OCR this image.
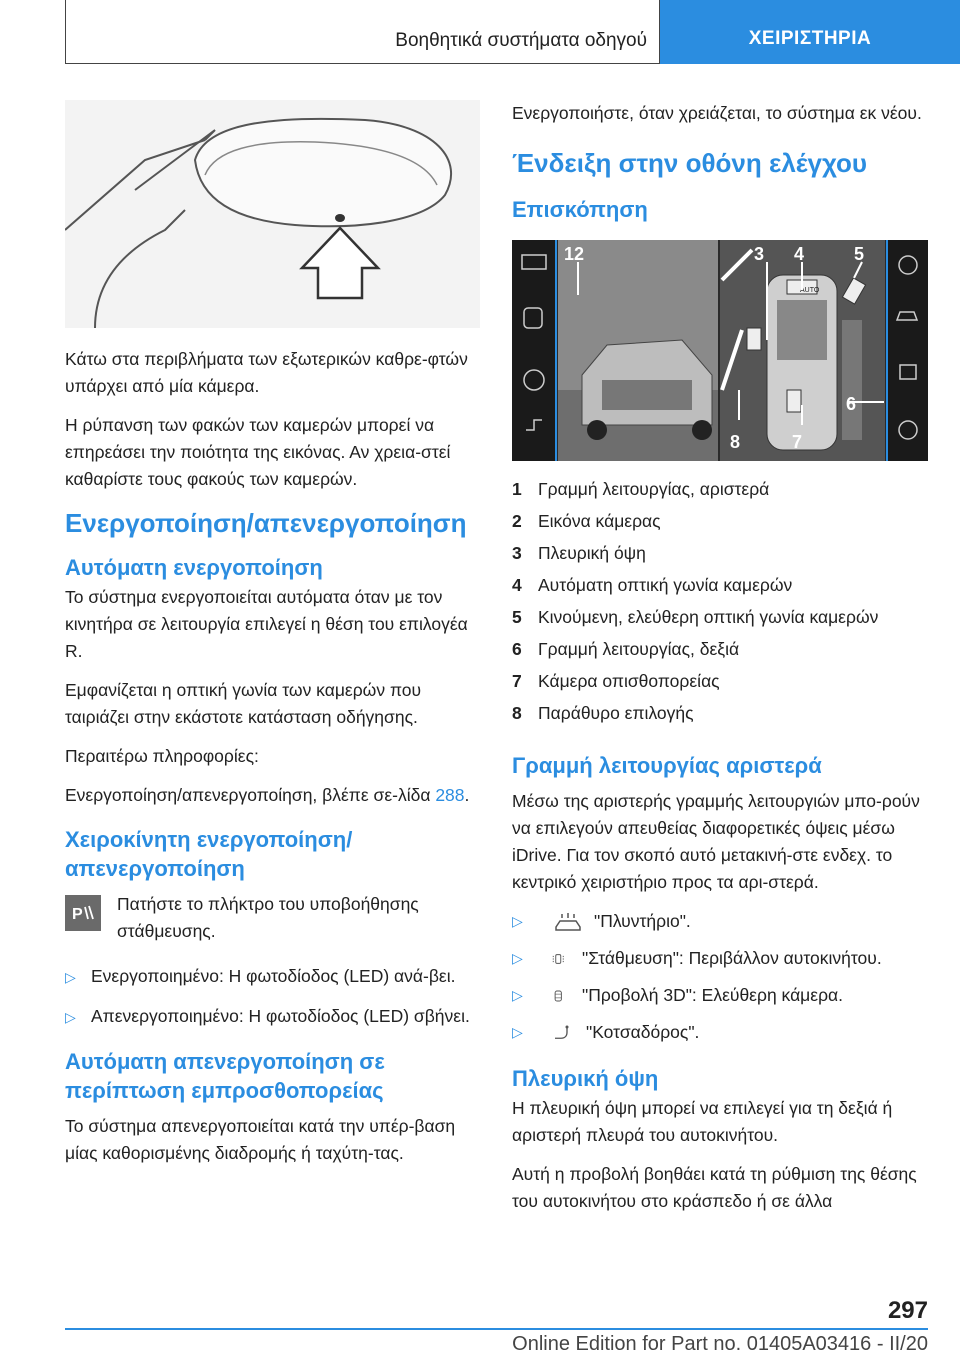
Βοηθητικά συστήματα οδηγού	ΧΕΙΡΙΣΤΗΡΙΑ

Κάτω στα περιβλήματα των εξωτερικών καθρε-φτών υπάρχει από μία κάμερα.

Η ρύπανση των φακών των καμερών μπορεί να επηρεάσει την ποιότητα της εικόνας. Αν χρεια-στεί καθαρίστε τους φακούς των καμερών.

Ενεργοποίηση/απενεργοποίηση
Αυτόματη ενεργοποίηση

Το σύστημα ενεργοποιείται αυτόματα όταν με τον κινητήρα σε λειτουργία επιλεγεί η θέση του επιλογέα R.

Εμφανίζεται η οπτική γωνία των καμερών που ταιριάζει στην εκάστοτε κατάσταση οδήγησης.

Περαιτέρω πληροφορίες:

Ενεργοποίηση/απενεργοποίηση, βλέπε σε-λίδα 288.

Χειροκίνητη ενεργοποίηση/ απενεργοποίηση
P

Πατήστε το πλήκτρο του υποβοήθησης στάθμευσης.

▷ Ενεργοποιημένο: Η φωτοδίοδος (LED) ανά-βει.
▷ Απενεργοποιημένο: Η φωτοδίοδος (LED) σβήνει.
Αυτόματη απενεργοποίηση σε περίπτωση εμπροσθοπορείας

Το σύστημα απενεργοποιείται κατά την υπέρ-βαση μίας καθορισμένης διαδρομής ή ταχύτη-τας.

Ενεργοποιήστε, όταν χρειάζεται, το σύστημα εκ νέου.

Ένδειξη στην οθόνη ελέγχου
Επισκόπηση
AUTO
1 2	3 4	5
6
7
8
1 Γραμμή λειτουργίας, αριστερά
2 Εικόνα κάμερας
3 Πλευρική όψη
4 Αυτόματη οπτική γωνία καμερών
5 Κινούμενη, ελεύθερη οπτική γωνία καμερών
6 Γραμμή λειτουργίας, δεξιά
7 Κάμερα οπισθοπορείας
8 Παράθυρο επιλογής
Γραμμή λειτουργίας αριστερά

Μέσω της αριστερής γραμμής λειτουργιών μπο-ρούν να επιλεγούν απευθείας διαφορετικές όψεις μέσω iDrive. Για τον σκοπό αυτό μετακινή-στε ενδεχ. το κεντρικό χειριστήριο προς τα αρι-στερά.

▷	"Πλυντήριο".
▷	"Στάθμευση": Περιβάλλον αυτοκινήτου.
▷	"Προβολή 3D": Ελεύθερη κάμερα.
▷	"Κοτσαδόρος".
Πλευρική όψη

Η πλευρική όψη μπορεί να επιλεγεί για τη δεξιά ή αριστερή πλευρά του αυτοκινήτου.

Αυτή η προβολή βοηθάει κατά τη ρύθμιση της θέσης του αυτοκινήτου στο κράσπεδο ή σε άλλα

297
Online Edition for Part no. 01405A03416 - II/20
